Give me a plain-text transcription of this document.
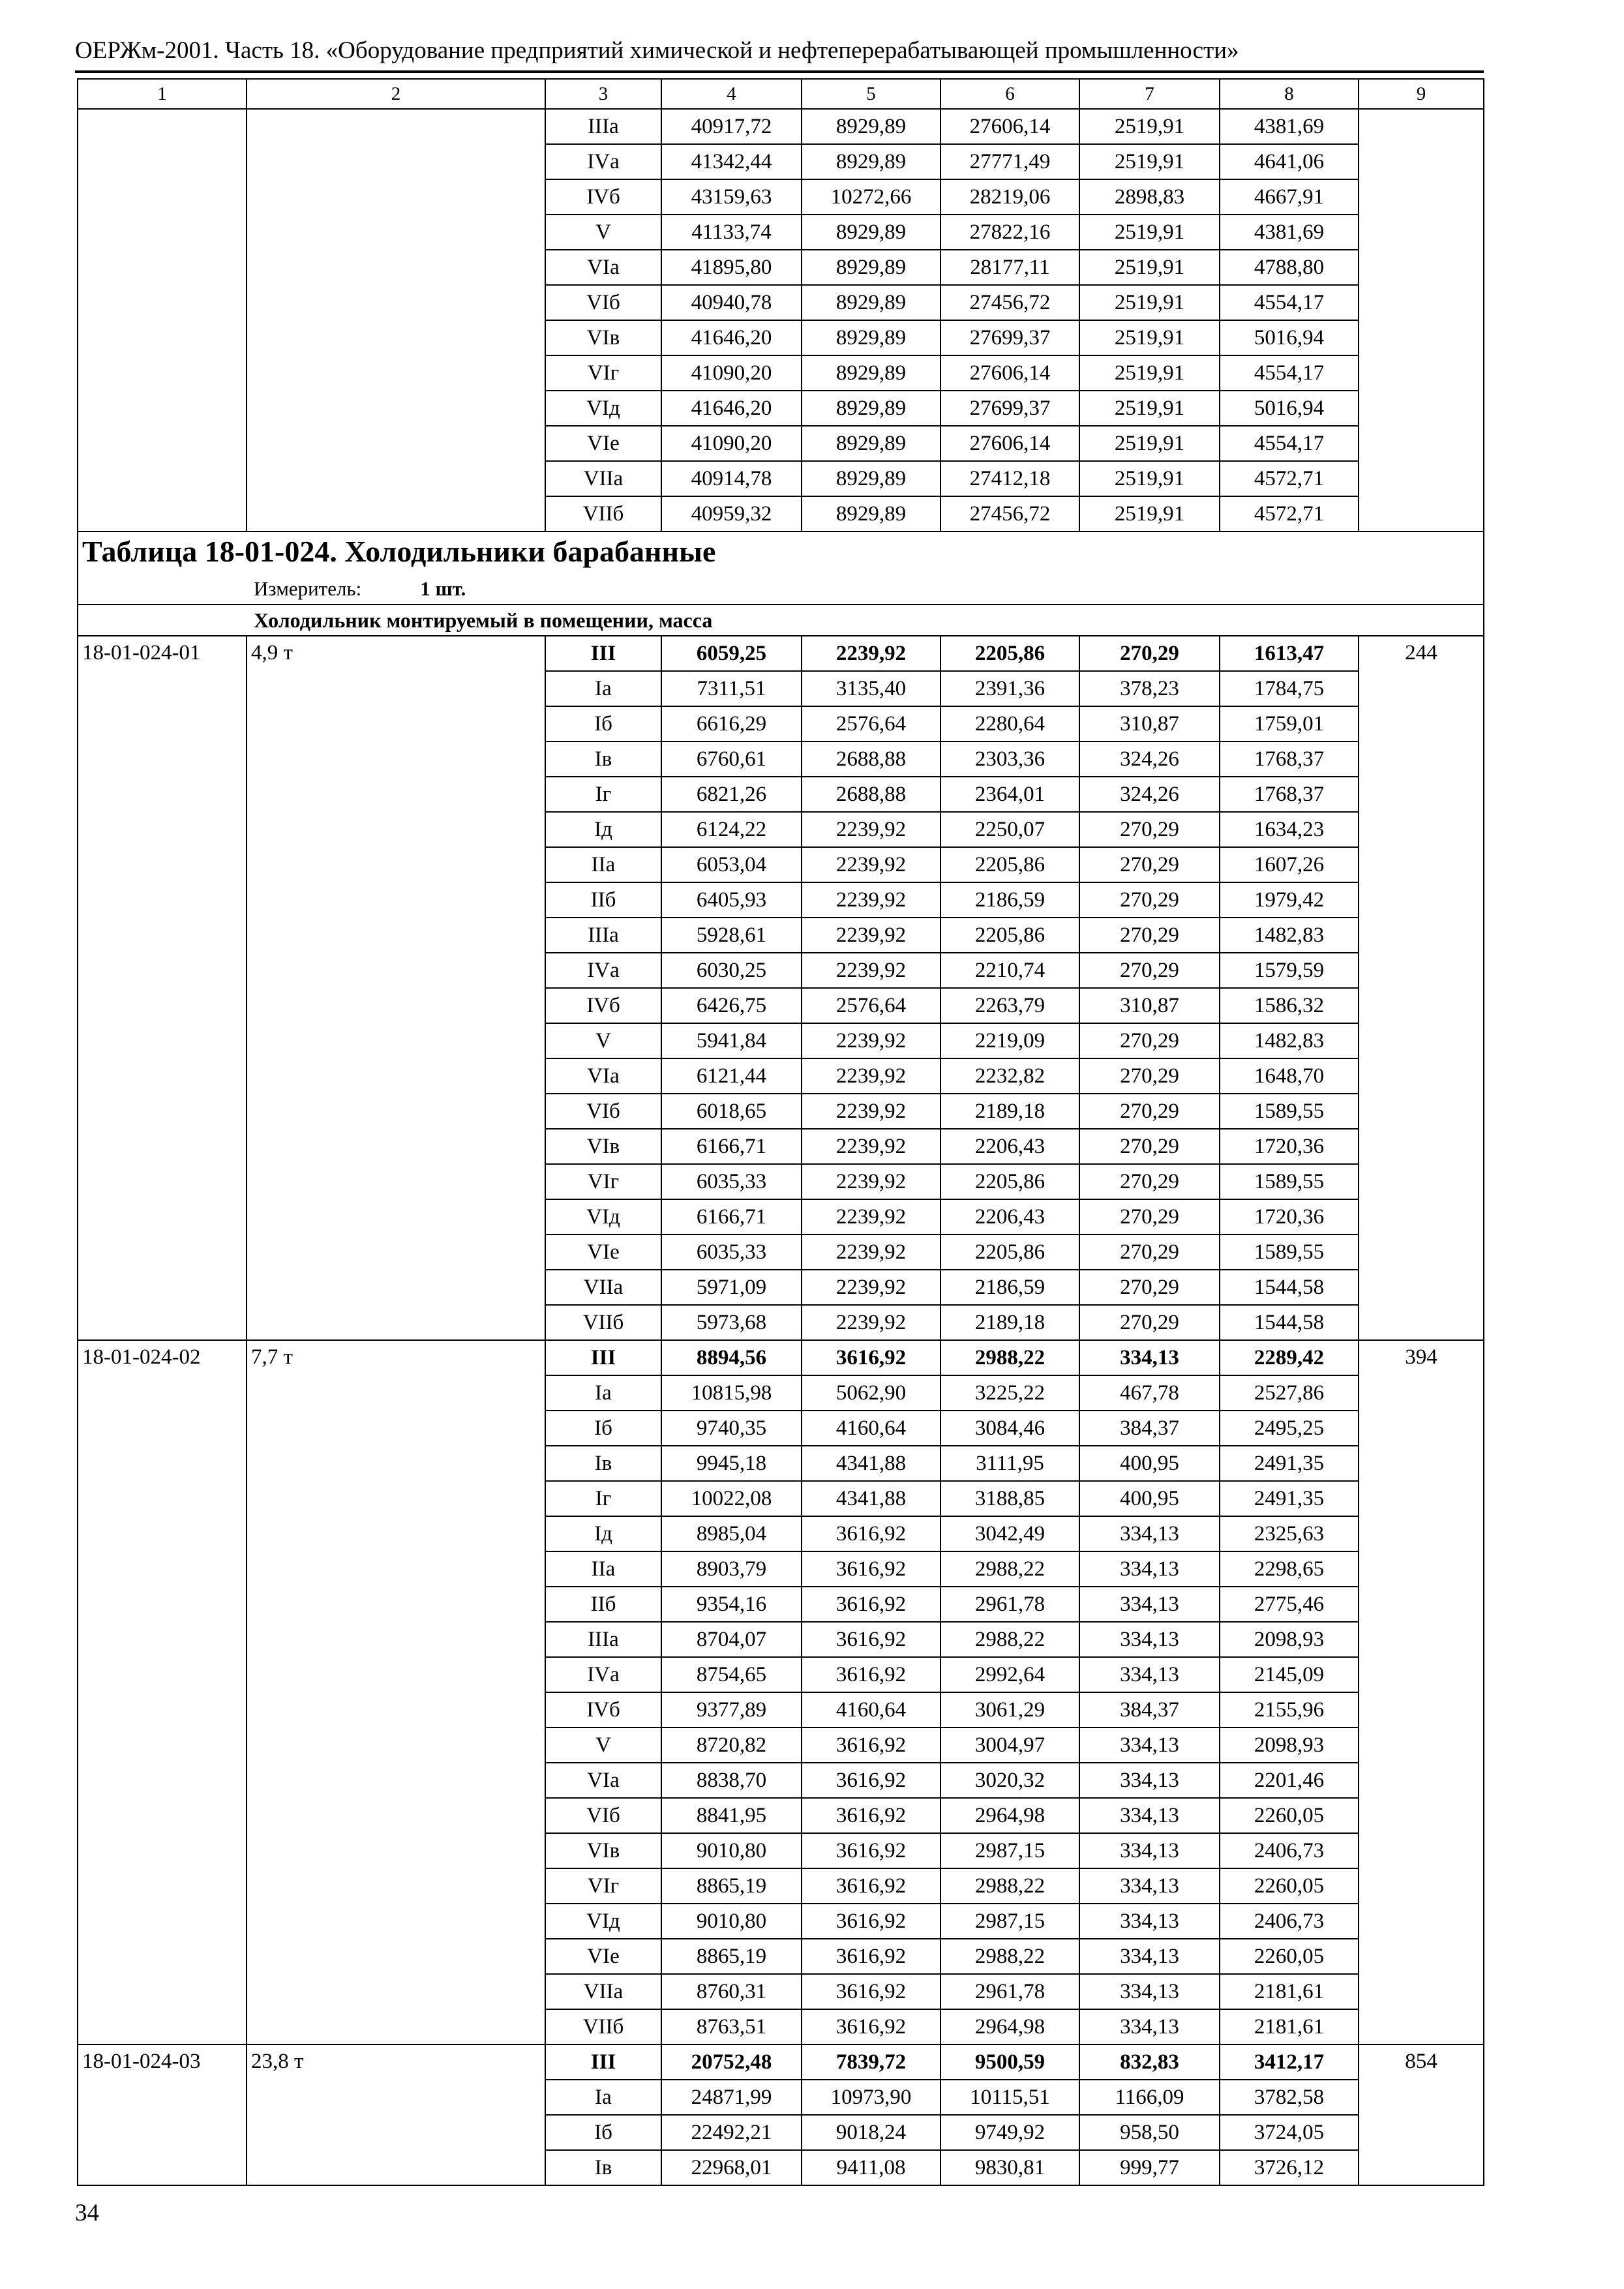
ОЕРЖм-2001. Часть 18. «Оборудование предприятий химической и нефтеперерабатывающей промышленности»
1	2	3	4	5	6	7	8	9
		IIIа	40917,72	8929,89	27606,14	2519,91	4381,69	
		IVа	41342,44	8929,89	27771,49	2519,91	4641,06	
		IVб	43159,63	10272,66	28219,06	2898,83	4667,91	
		V	41133,74	8929,89	27822,16	2519,91	4381,69	
		VIа	41895,80	8929,89	28177,11	2519,91	4788,80	
		VIб	40940,78	8929,89	27456,72	2519,91	4554,17	
		VIв	41646,20	8929,89	27699,37	2519,91	5016,94	
		VIг	41090,20	8929,89	27606,14	2519,91	4554,17	
		VIд	41646,20	8929,89	27699,37	2519,91	5016,94	
		VIе	41090,20	8929,89	27606,14	2519,91	4554,17	
		VIIа	40914,78	8929,89	27412,18	2519,91	4572,71	
		VIIб	40959,32	8929,89	27456,72	2519,91	4572,71	
Таблица 18-01-024. Холодильники барабанные								
Измеритель: 1 шт.								
Холодильник монтируемый в помещении, масса								
18-01-024-01	4,9 т	III	6059,25	2239,92	2205,86	270,29	1613,47	244
		Iа	7311,51	3135,40	2391,36	378,23	1784,75	
		Iб	6616,29	2576,64	2280,64	310,87	1759,01	
		Iв	6760,61	2688,88	2303,36	324,26	1768,37	
		Iг	6821,26	2688,88	2364,01	324,26	1768,37	
		Iд	6124,22	2239,92	2250,07	270,29	1634,23	
		IIа	6053,04	2239,92	2205,86	270,29	1607,26	
		IIб	6405,93	2239,92	2186,59	270,29	1979,42	
		IIIа	5928,61	2239,92	2205,86	270,29	1482,83	
		IVа	6030,25	2239,92	2210,74	270,29	1579,59	
		IVб	6426,75	2576,64	2263,79	310,87	1586,32	
		V	5941,84	2239,92	2219,09	270,29	1482,83	
		VIа	6121,44	2239,92	2232,82	270,29	1648,70	
		VIб	6018,65	2239,92	2189,18	270,29	1589,55	
		VIв	6166,71	2239,92	2206,43	270,29	1720,36	
		VIг	6035,33	2239,92	2205,86	270,29	1589,55	
		VIд	6166,71	2239,92	2206,43	270,29	1720,36	
		VIе	6035,33	2239,92	2205,86	270,29	1589,55	
		VIIа	5971,09	2239,92	2186,59	270,29	1544,58	
		VIIб	5973,68	2239,92	2189,18	270,29	1544,58	
18-01-024-02	7,7 т	III	8894,56	3616,92	2988,22	334,13	2289,42	394
		Iа	10815,98	5062,90	3225,22	467,78	2527,86	
		Iб	9740,35	4160,64	3084,46	384,37	2495,25	
		Iв	9945,18	4341,88	3111,95	400,95	2491,35	
		Iг	10022,08	4341,88	3188,85	400,95	2491,35	
		Iд	8985,04	3616,92	3042,49	334,13	2325,63	
		IIа	8903,79	3616,92	2988,22	334,13	2298,65	
		IIб	9354,16	3616,92	2961,78	334,13	2775,46	
		IIIа	8704,07	3616,92	2988,22	334,13	2098,93	
		IVа	8754,65	3616,92	2992,64	334,13	2145,09	
		IVб	9377,89	4160,64	3061,29	384,37	2155,96	
		V	8720,82	3616,92	3004,97	334,13	2098,93	
		VIа	8838,70	3616,92	3020,32	334,13	2201,46	
		VIб	8841,95	3616,92	2964,98	334,13	2260,05	
		VIв	9010,80	3616,92	2987,15	334,13	2406,73	
		VIг	8865,19	3616,92	2988,22	334,13	2260,05	
		VIд	9010,80	3616,92	2987,15	334,13	2406,73	
		VIе	8865,19	3616,92	2988,22	334,13	2260,05	
		VIIа	8760,31	3616,92	2961,78	334,13	2181,61	
		VIIб	8763,51	3616,92	2964,98	334,13	2181,61	
18-01-024-03	23,8 т	III	20752,48	7839,72	9500,59	832,83	3412,17	854
		Iа	24871,99	10973,90	10115,51	1166,09	3782,58	
		Iб	22492,21	9018,24	9749,92	958,50	3724,05	
		Iв	22968,01	9411,08	9830,81	999,77	3726,12	
34
